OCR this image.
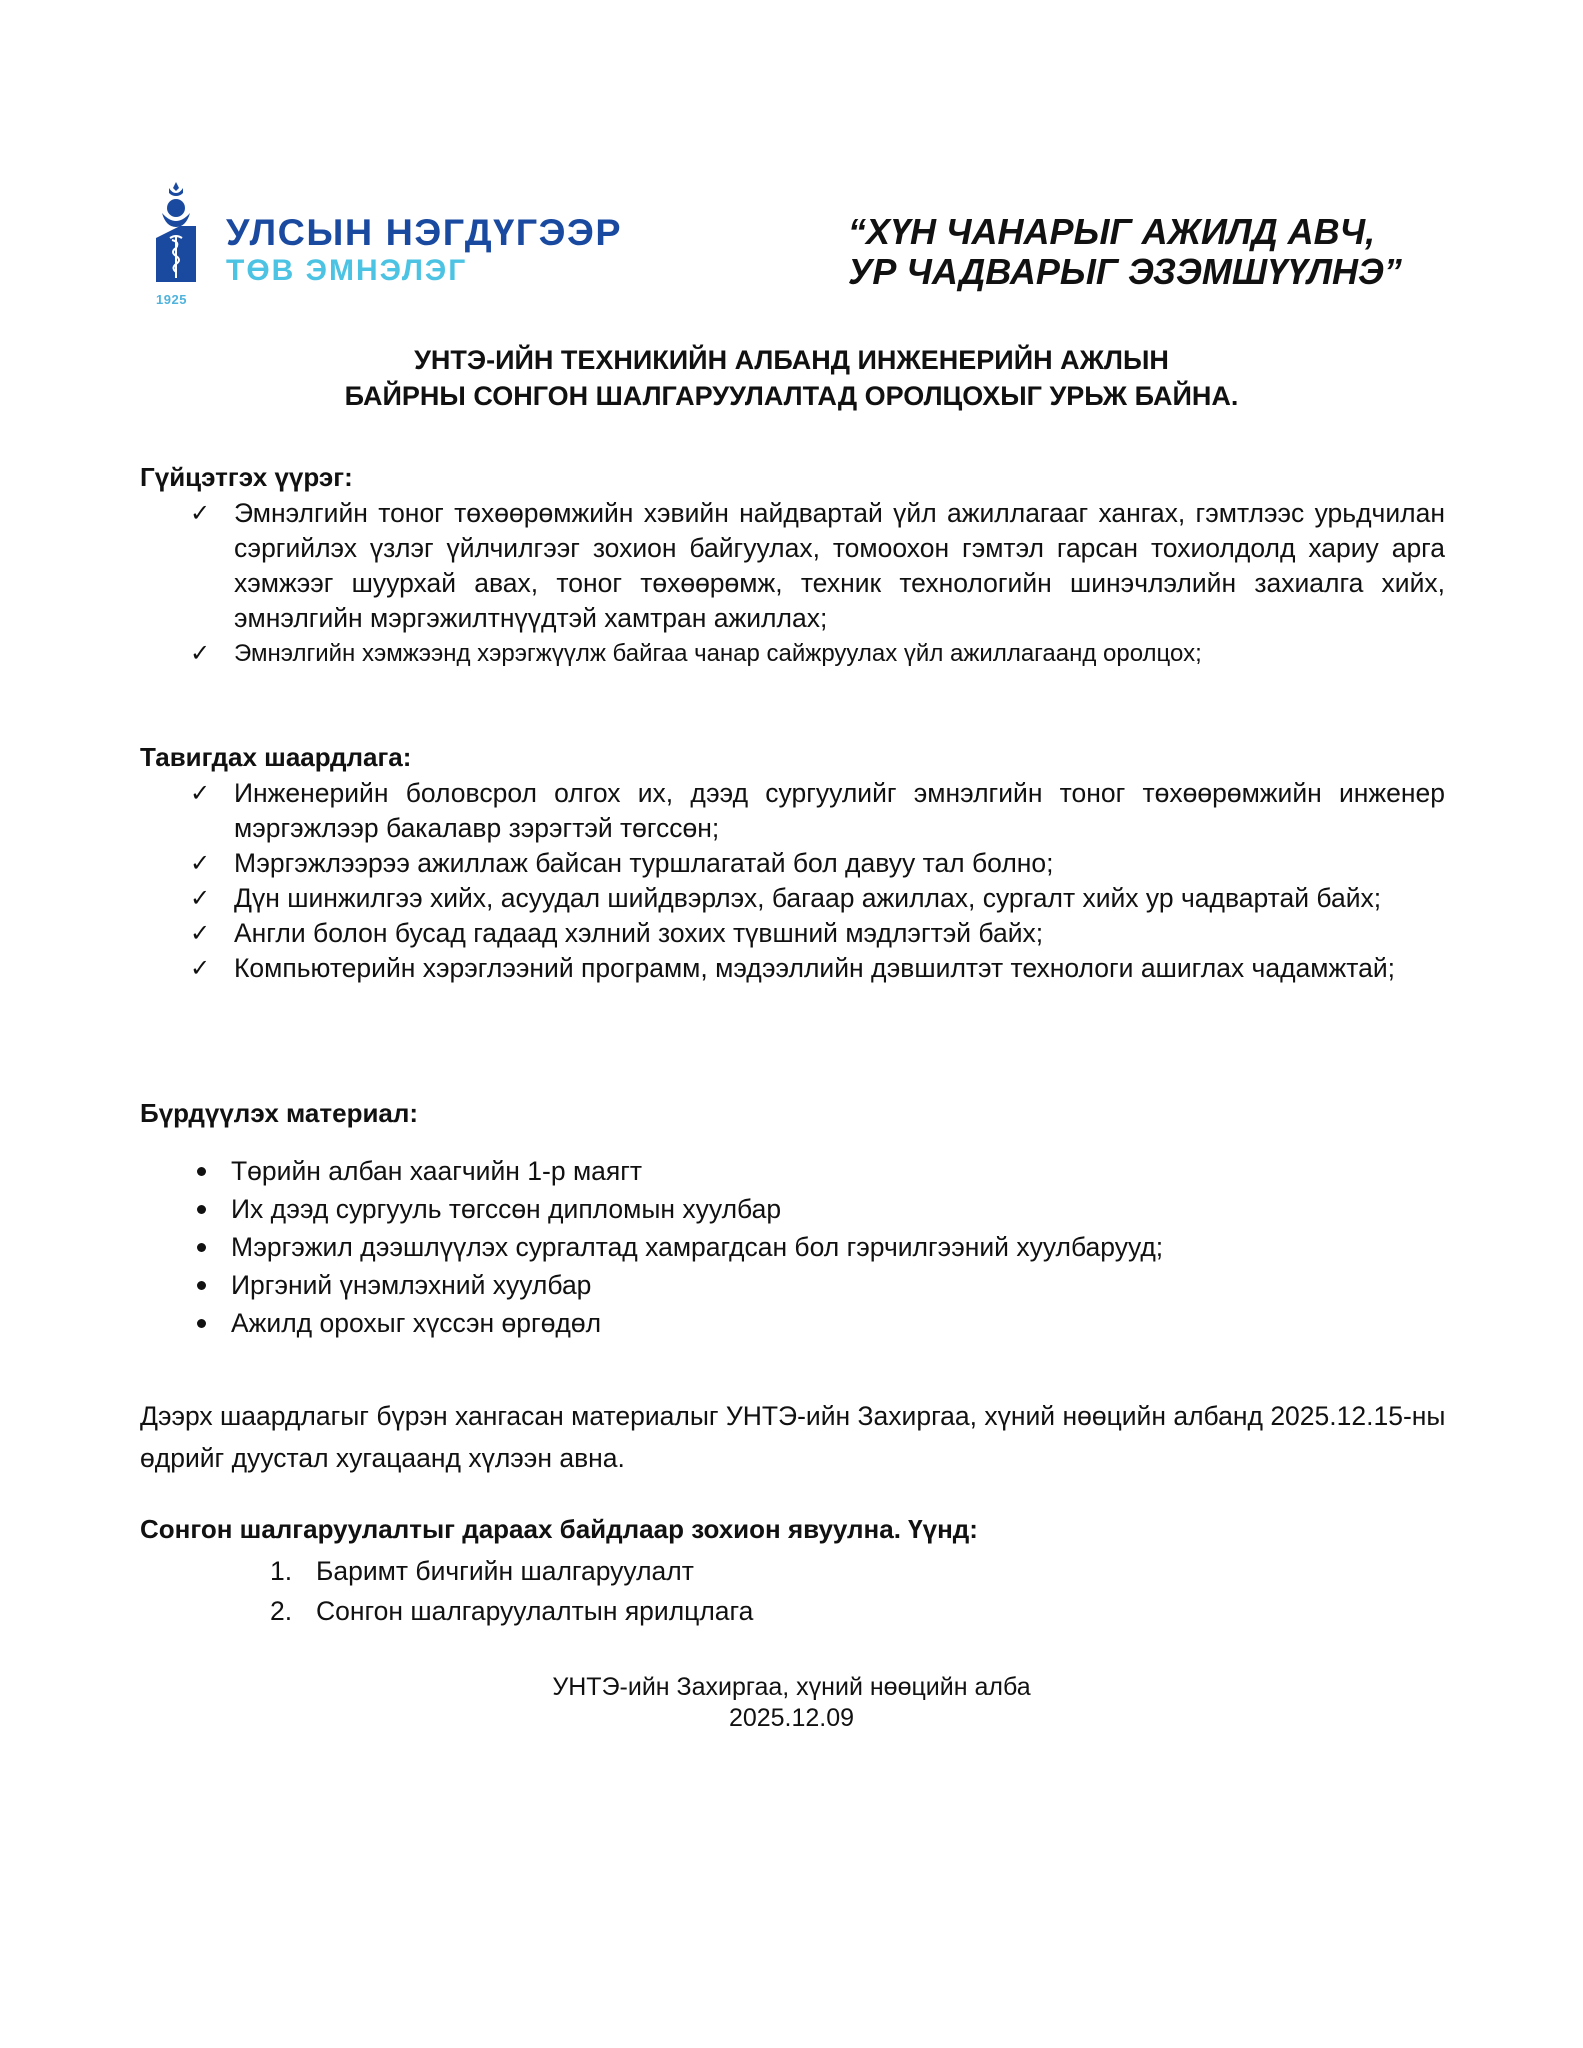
1925
УЛСЫН НЭГДҮГЭЭР
ТӨВ ЭМНЭЛЭГ
“ХҮН ЧАНАРЫГ АЖИЛД АВЧ,
УР ЧАДВАРЫГ ЭЗЭМШҮҮЛНЭ”
УНТЭ-ИЙН ТЕХНИКИЙН АЛБАНД ИНЖЕНЕРИЙН АЖЛЫН
БАЙРНЫ СОНГОН ШАЛГАРУУЛАЛТАД ОРОЛЦОХЫГ УРЬЖ БАЙНА.
Гүйцэтгэх үүрэг:
✓ Эмнэлгийн тоног төхөөрөмжийн хэвийн найдвартай үйл ажиллагааг хангах, гэмтлээс урьдчилан сэргийлэх үзлэг үйлчилгээг зохион байгуулах, томоохон гэмтэл гарсан тохиолдолд хариу арга хэмжээг шуурхай авах, тоног төхөөрөмж, техник технологийн шинэчлэлийн захиалга хийх, эмнэлгийн мэргэжилтнүүдтэй хамтран ажиллах;
✓ Эмнэлгийн хэмжээнд хэрэгжүүлж байгаа чанар сайжруулах үйл ажиллагаанд оролцох;
Тавигдах шаардлага:
✓ Инженерийн боловсрол олгох их, дээд сургуулийг эмнэлгийн тоног төхөөрөмжийн инженер мэргэжлээр бакалавр зэрэгтэй төгссөн;
✓ Мэргэжлээрээ ажиллаж байсан туршлагатай бол давуу тал болно;
✓ Дүн шинжилгээ хийх, асуудал шийдвэрлэх, багаар ажиллах, сургалт хийх ур чадвартай байх;
✓ Англи болон бусад гадаад хэлний зохих түвшний мэдлэгтэй байх;
✓ Компьютерийн хэрэглээний программ, мэдээллийн дэвшилтэт технологи ашиглах чадамжтай;
Бүрдүүлэх материал:
Төрийн албан хаагчийн 1-р маягт
Их дээд сургууль төгссөн дипломын хуулбар
Мэргэжил дээшлүүлэх сургалтад хамрагдсан бол гэрчилгээний хуулбарууд;
Иргэний үнэмлэхний хуулбар
Ажилд орохыг хүссэн өргөдөл
Дээрх шаардлагыг бүрэн хангасан материалыг УНТЭ-ийн Захиргаа, хүний нөөцийн албанд 2025.12.15-ны өдрийг дуустал хугацаанд хүлээн авна.
Сонгон шалгаруулалтыг дараах байдлаар зохион явуулна. Үүнд:
1. Баримт бичгийн шалгаруулалт
2. Сонгон шалгаруулалтын ярилцлага
УНТЭ-ийн Захиргаа, хүний нөөцийн алба
2025.12.09
